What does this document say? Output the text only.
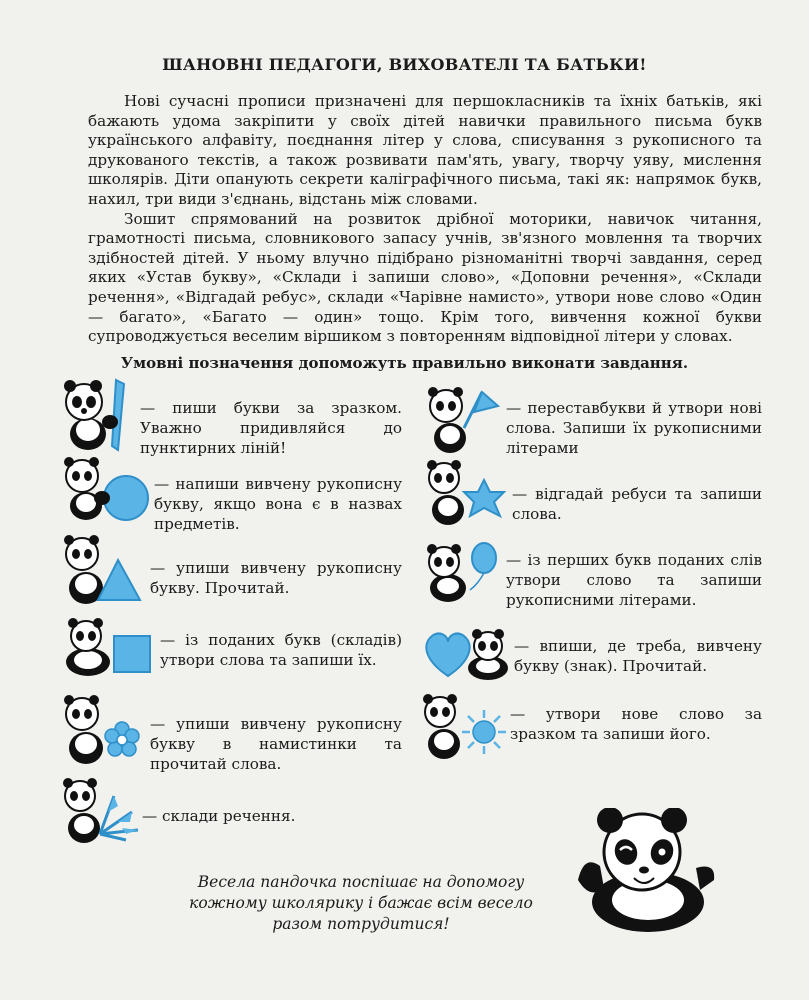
ШАНОВНІ ПЕДАГОГИ, ВИХОВАТЕЛІ ТА БАТЬКИ!

Нові сучасні прописи призначені для першокласників та їхніх батьків, які бажають удома закріпити у своїх дітей навички правильного письма букв українського алфавіту, поєднання літер у слова, списування з рукописного та друкованого текстів, а також розвивати пам'ять, увагу, творчу уяву, мислення школярів. Діти опанують секрети каліграфічного письма, такі як: напрямок букв, нахил, три види з'єднань, відстань між словами.

Зошит спрямований на розвиток дрібної моторики, навичок читання, грамотності письма, словникового запасу учнів, зв'язного мовлення та творчих здібностей дітей. У ньому влучно підібрано різноманітні творчі завдання, серед яких «Устав букву», «Склади і запиши слово», «Доповни речення», «Склади речення», «Відгадай ребус», склади «Чарівне намисто», утвори нове слово «Один — багато», «Багато — один» тощо. Крім того, вивчення кожної букви супроводжується веселим віршиком з повторенням відповідної літери у словах.

Умовні позначення допоможуть правильно виконати завдання.
— пиши букви за зразком. Уважно придивляйся до пунктирних ліній!
— напиши вивчену рукописну букву, якщо вона є в назвах предметів.
— упиши вивчену рукописну букву. Прочитай.
— із поданих букв (складів) утвори слова та запиши їх.
— упиши вивчену рукописну букву в намистинки та прочитай слова.
— склади речення.
— переставбукви й утвори нові слова. Запиши їх рукописними літерами
— відгадай ребуси та запиши слова.
— із перших букв поданих слів утвори слово та запиши рукописними літерами.
— впиши, де треба, вивчену букву (знак). Прочитай.
— утвори нове слово за зразком та запиши його.
Весела пандочка поспішає на допомогу кожному школярику і бажає всім весело разом потрудитися!
